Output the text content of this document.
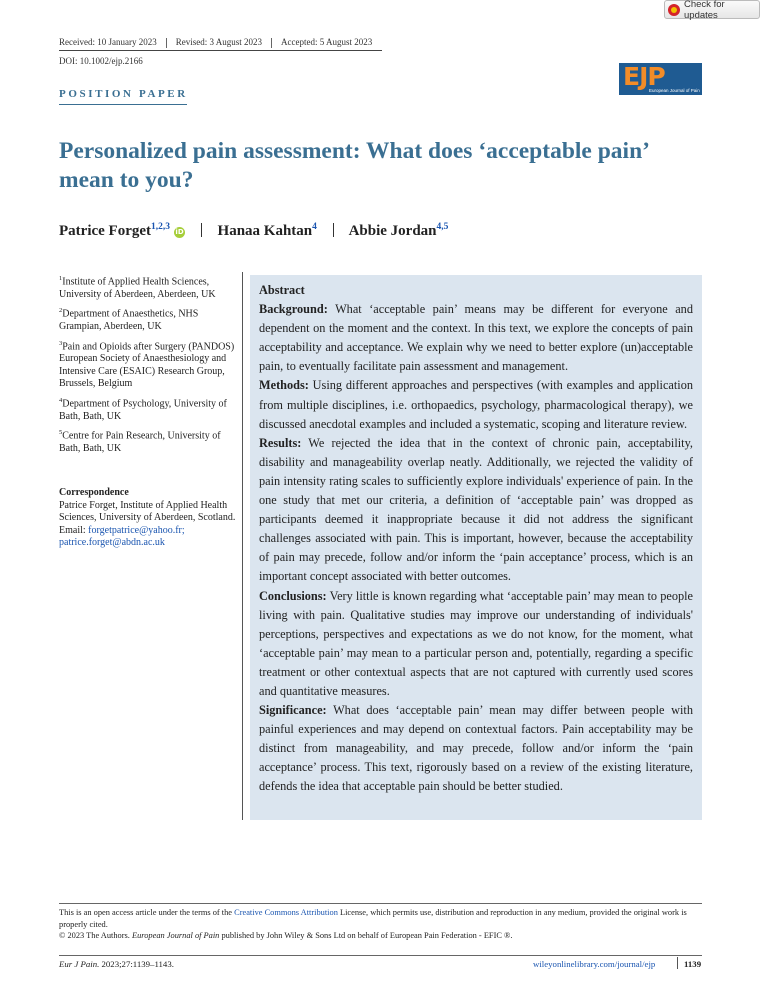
Check for updates
Received: 10 January 2023 Revised: 3 August 2023 Accepted: 5 August 2023
DOI: 10.1002/ejp.2166
POSITION PAPER
EJP
European Journal of Pain
Personalized pain assessment: What does ‘acceptable pain’ mean to you?
Patrice Forget$^{1,2,3}$ iD Hanaa Kahtan$^4$ Abbie Jordan$^{4,5}$
$^1$Institute of Applied Health Sciences, University of Aberdeen, Aberdeen, UK
$^2$Department of Anaesthetics, NHS Grampian, Aberdeen, UK
$^3$Pain and Opioids after Surgery (PANDOS) European Society of Anaesthesiology and Intensive Care (ESAIC) Research Group, Brussels, Belgium
$^4$Department of Psychology, University of Bath, Bath, UK
$^5$Centre for Pain Research, University of Bath, Bath, UK
Correspondence
Patrice Forget, Institute of Applied Health Sciences, University of Aberdeen, Scotland.
Email: forgetpatrice@yahoo.fr; patrice.forget@abdn.ac.uk

Abstract

Background: What ‘acceptable pain’ means may be different for everyone and dependent on the moment and the context. In this text, we explore the concepts of pain acceptability and acceptance. We explain why we need to better explore (un)acceptable pain, to eventually facilitate pain assessment and management.

Methods: Using different approaches and perspectives (with examples and application from multiple disciplines, i.e. orthopaedics, psychology, pharmacological therapy), we discussed anecdotal examples and included a systematic, scoping and literature review.

Results: We rejected the idea that in the context of chronic pain, acceptability, disability and manageability overlap neatly. Additionally, we rejected the validity of pain intensity rating scales to sufficiently explore individuals' experience of pain. In the one study that met our criteria, a definition of ‘acceptable pain’ was dropped as participants deemed it inappropriate because it did not address the significant challenges associated with pain. This is important, however, because the acceptability of pain may precede, follow and/or inform the ‘pain acceptance’ process, which is an important concept associated with better outcomes.

Conclusions: Very little is known regarding what ‘acceptable pain’ may mean to people living with pain. Qualitative studies may improve our understanding of individuals' perceptions, perspectives and expectations as we do not know, for the moment, what ‘acceptable pain’ may mean to a particular person and, potentially, regarding a specific treatment or other contextual aspects that are not captured with currently used scores and quantitative measures.

Significance: What does ‘acceptable pain’ mean may differ between people with painful experiences and may depend on contextual factors. Pain acceptability may be distinct from manageability, and may precede, follow and/or inform the ‘pain acceptance’ process. This text, rigorously based on a review of the existing literature, defends the idea that acceptable pain should be better studied.

This is an open access article under the terms of the Creative Commons Attribution License, which permits use, distribution and reproduction in any medium, provided the original work is properly cited.
© 2023 The Authors. European Journal of Pain published by John Wiley & Sons Ltd on behalf of European Pain Federation - EFIC ®.
Eur J Pain. 2023;27:1139–1143.	wileyonlinelibrary.com/journal/ejp	1139
